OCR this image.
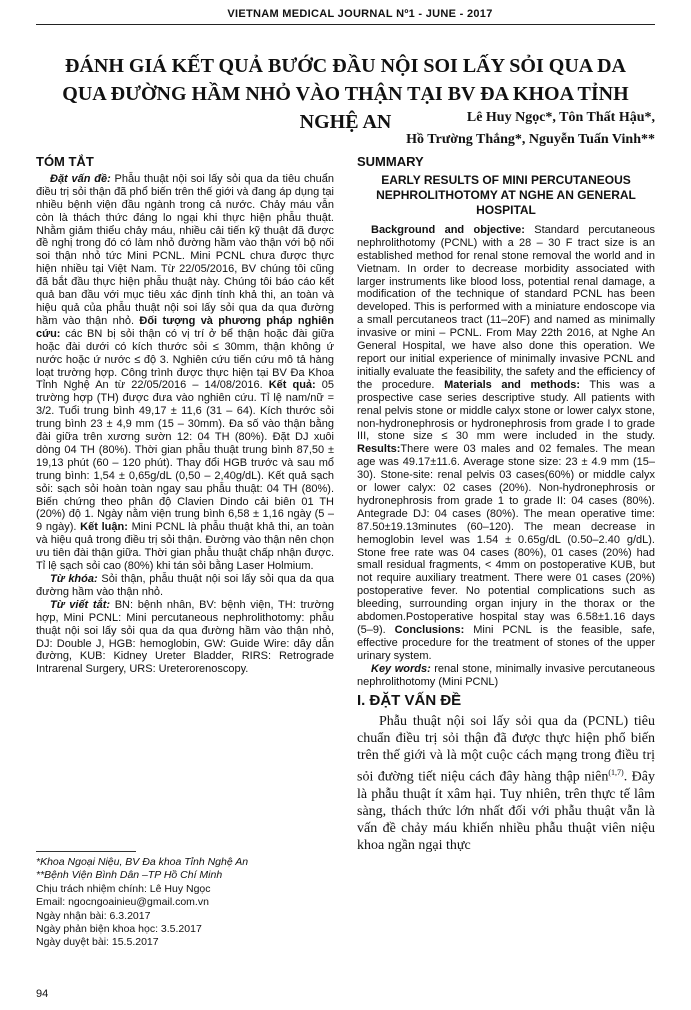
VIETNAM MEDICAL JOURNAL Nº1 - JUNE - 2017
ĐÁNH GIÁ KẾT QUẢ BƯỚC ĐẦU NỘI SOI LẤY SỎI QUA DA
QUA ĐƯỜNG HẦM NHỎ VÀO THẬN TẠI BV ĐA KHOA TỈNH NGHỆ AN	Lê Huy Ngọc*, Tôn Thất Hậu*,
Hồ Trường Thắng*, Nguyễn Tuấn Vinh**
TÓM TẮT

Đặt vấn đề: Phẫu thuật nội soi lấy sỏi qua da tiêu chuẩn điều trị sỏi thận đã phổ biến trên thế giới và đang áp dụng tại nhiều bệnh viện đầu ngành trong cả nước. Chảy máu vẫn còn là thách thức đáng lo ngại khi thực hiện phẫu thuật. Nhằm giảm thiểu chảy máu, nhiều cải tiến kỹ thuật đã được đề nghị trong đó có làm nhỏ đường hầm vào thận với bộ nối soi thận nhỏ tức Mini PCNL. Mini PCNL chưa được thực hiện nhiều tại Việt Nam. Từ 22/05/2016, BV chúng tôi cũng đã bắt đầu thực hiện phẫu thuật này. Chúng tôi báo cáo kết quả ban đầu với mục tiêu xác định tính khả thi, an toàn và hiệu quả của phẫu thuật nội soi lấy sỏi qua da qua đường hầm vào thận nhỏ. Đối tượng và phương pháp nghiên cứu: các BN bị sỏi thận có vị trí ở bể thận hoặc đài giữa hoặc đài dưới có kích thước sỏi ≤ 30mm, thận không ứ nước hoặc ứ nước ≤ độ 3. Nghiên cứu tiến cứu mô tả hàng loạt trường hợp. Công trình được thực hiện tại BV Đa Khoa Tỉnh Nghệ An từ 22/05/2016 – 14/08/2016. Kết quả: 05 trường hợp (TH) được đưa vào nghiên cứu. Tỉ lệ nam/nữ = 3/2. Tuổi trung bình 49,17 ± 11,6 (31 – 64). Kích thước sỏi trung bình 23 ± 4,9 mm (15 – 30mm). Đa số vào thận bằng đài giữa trên xương sườn 12: 04 TH (80%). Đặt DJ xuôi dòng 04 TH (80%). Thời gian phẫu thuật trung bình 87,50 ± 19,13 phút (60 – 120 phút). Thay đổi HGB trước và sau mổ trung bình: 1,54 ± 0,65g/dL (0,50 – 2,40g/dL). Kết quả sạch sỏi: sạch sỏi hoàn toàn ngay sau phẫu thuật: 04 TH (80%). Biến chứng theo phân độ Clavien Dindo cải biên 01 TH (20%) độ 1. Ngày nằm viện trung bình 6,58 ± 1,16 ngày (5 – 9 ngày). Kết luận: Mini PCNL là phẫu thuật khả thi, an toàn và hiệu quả trong điều trị sỏi thận. Đường vào thận nên chọn ưu tiên đài thận giữa. Thời gian phẫu thuật chấp nhận được. Tỉ lệ sạch sỏi cao (80%) khi tán sỏi bằng Laser Holmium.

Từ khóa: Sỏi thận, phẫu thuật nội soi lấy sỏi qua da qua đường hầm vào thận nhỏ.

Từ viết tắt: BN: bệnh nhân, BV: bệnh viện, TH: trường hợp, Mini PCNL: Mini percutaneous nephrolithotomy: phẫu thuật nội soi lấy sỏi qua da qua đường hầm vào thận nhỏ, DJ: Double J, HGB: hemoglobin, GW: Guide Wire: dây dẫn đường, KUB: Kidney Ureter Bladder, RIRS: Retrograde Intrarenal Surgery, URS: Ureterorenoscopy.

SUMMARY
EARLY RESULTS OF MINI PERCUTANEOUS NEPHROLITHOTOMY AT NGHE AN GENERAL HOSPITAL

Background and objective: Standard percutaneous nephrolithotomy (PCNL) with a 28 – 30 F tract size is an established method for renal stone removal the world and in Vietnam. In order to decrease morbidity associated with larger instruments like blood loss, potential renal damage, a modification of the technique of standard PCNL has been developed. This is performed with a miniature endoscope via a small percutaneos tract (11–20F) and named as minimally invasive or mini – PCNL. From May 22th 2016, at Nghe An General Hospital, we have also done this operation. We report our initial experience of minimally invasive PCNL and initially evaluate the feasibility, the safety and the efficiency of the procedure. Materials and methods: This was a prospective case series descriptive study. All patients with renal pelvis stone or middle calyx stone or lower calyx stone, non-hydronephrosis or hydronephrosis from grade I to grade III, stone size ≤ 30 mm were included in the study. Results:There were 03 males and 02 females. The mean age was 49.17±11.6. Average stone size: 23 ± 4.9 mm (15–30). Stone-site: renal pelvis 03 cases(60%) or middle calyx or lower calyx: 02 cases (20%). Non-hydronephrosis or hydronephrosis from grade 1 to grade II: 04 cases (80%). Antegrade DJ: 04 cases (80%). The mean operative time: 87.50±19.13minutes (60–120). The mean decrease in hemoglobin level was 1.54 ± 0.65g/dL (0.50–2.40 g/dL). Stone free rate was 04 cases (80%), 01 cases (20%) had small residual fragments, < 4mm on postoperative KUB, but not require auxiliary treatment. There were 01 cases (20%) postoperative fever. No potential complications such as bleeding, surrounding organ injury in the thorax or the abdomen.Postoperative hospital stay was 6.58±1.16 days (5–9). Conclusions: Mini PCNL is the feasible, safe, effective procedure for the treatment of stones of the upper urinary system.

Key words: renal stone, minimally invasive percutaneous nephrolithotomy (Mini PCNL)

I. ĐẶT VẤN ĐỀ

Phẫu thuật nội soi lấy sỏi qua da (PCNL) tiêu chuẩn điều trị sỏi thận đã được thực hiện phổ biến trên thế giới và là một cuộc cách mạng trong điều trị sỏi đường tiết niệu cách đây hàng thập niên$^{(1,7)}$. Đây là phẫu thuật ít xâm hại. Tuy nhiên, trên thực tế lâm sàng, thách thức lớn nhất đối với phẫu thuật vẫn là vấn đề chảy máu khiến nhiều phẫu thuật viên niệu khoa ngần ngại thực

*Khoa Ngoại Niệu, BV Đa khoa Tỉnh Nghệ An
**Bệnh Viện Bình Dân –TP Hồ Chí Minh
Chịu trách nhiệm chính: Lê Huy Ngọc
Email: ngocngoainieu@gmail.com.vn
Ngày nhận bài: 6.3.2017
Ngày phản biện khoa học: 3.5.2017
Ngày duyệt bài: 15.5.2017
94
